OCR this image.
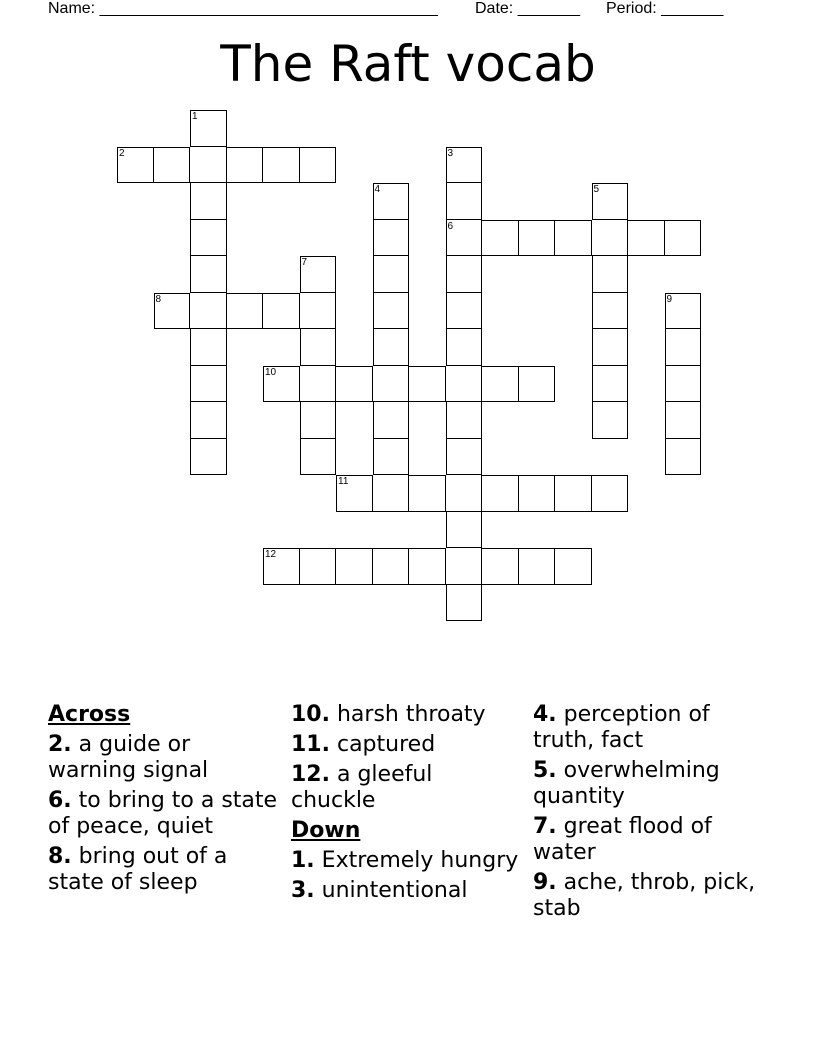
Name: ______________________________________ Date: _______ Period: _______
The Raft vocab
1
2	3
6
4	5
7
8	9
10
11
12
Across
2. a guide or warning signal
6. to bring to a state of peace, quiet
8. bring out of a state of sleep
10. harsh throaty
11. captured
12. a gleeful chuckle
Down
1. Extremely hungry
3. unintentional
4. perception of truth, fact
5. overwhelming quantity
7. great flood of water
9. ache, throb, pick, stab
